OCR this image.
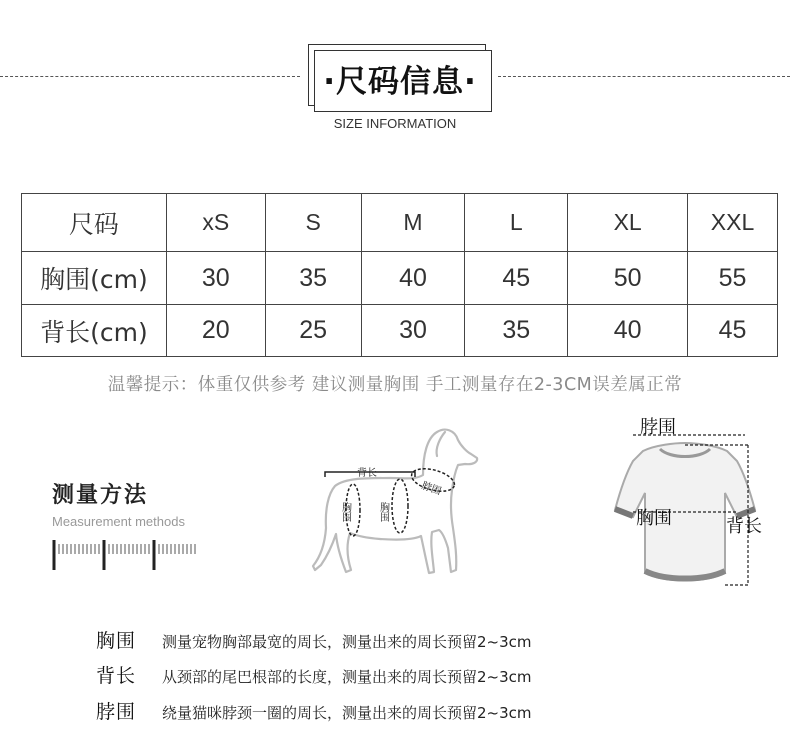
·尺码信息·
SIZE INFORMATION
尺码	xS	S	M	L	XL	XXL
胸围(cm)	30	35	40	45	50	55
背长(cm)	20	25	30	35	40	45
温馨提示：体重仅供参考 建议测量胸围 手工测量存在2-3CM误差属正常
测量方法
Measurement methods
背长
胸围	胸围
脖围
脖围
胸围	背长
胸围	测量宠物胸部最宽的周长，测量出来的周长预留2~3cm
背长	从颈部的尾巴根部的长度，测量出来的周长预留2~3cm
脖围	绕量猫咪脖颈一圈的周长，测量出来的周长预留2~3cm
